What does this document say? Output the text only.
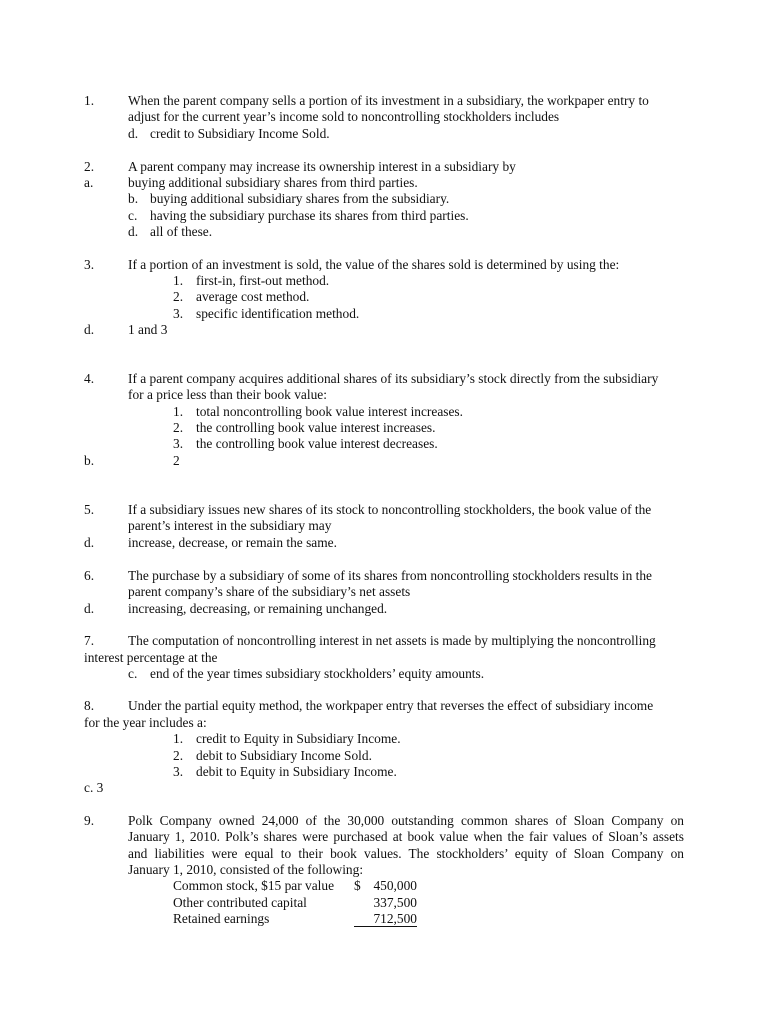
1.	When the parent company sells a portion of its investment in a subsidiary, the workpaper entry to
adjust for the current year’s income sold to noncontrolling stockholders includes
d. credit to Subsidiary Income Sold.
2.	A parent company may increase its ownership interest in a subsidiary by
a.	buying additional subsidiary shares from third parties.
b. buying additional subsidiary shares from the subsidiary.
c. having the subsidiary purchase its shares from third parties.
d. all of these.
3.	If a portion of an investment is sold, the value of the shares sold is determined by using the:
1. first-in, first-out method.
2. average cost method.
3. specific identification method.
d.	1 and 3
4.	If a parent company acquires additional shares of its subsidiary’s stock directly from the subsidiary
for a price less than their book value:
1. total noncontrolling book value interest increases.
2. the controlling book value interest increases.
3. the controlling book value interest decreases.
b.	2
5.	If a subsidiary issues new shares of its stock to noncontrolling stockholders, the book value of the
parent’s interest in the subsidiary may
d.	increase, decrease, or remain the same.
6.	The purchase by a subsidiary of some of its shares from noncontrolling stockholders results in the
parent company’s share of the subsidiary’s net assets
d.	increasing, decreasing, or remaining unchanged.
7.	The computation of noncontrolling interest in net assets is made by multiplying the noncontrolling
interest percentage at the
c. end of the year times subsidiary stockholders’ equity amounts.
8.	Under the partial equity method, the workpaper entry that reverses the effect of subsidiary income
for the year includes a:
1. credit to Equity in Subsidiary Income.
2. debit to Subsidiary Income Sold.
3. debit to Equity in Subsidiary Income.
c. 3
9.	Polk Company owned 24,000 of the 30,000 outstanding common shares of Sloan Company on
January 1, 2010. Polk’s shares were purchased at book value when the fair values of Sloan’s assets
and liabilities were equal to their book values. The stockholders’ equity of Sloan Company on
January 1, 2010, consisted of the following:
Common stock, $15 par value $ 450,000
Other contributed capital	337,500
Retained earnings	712,500
